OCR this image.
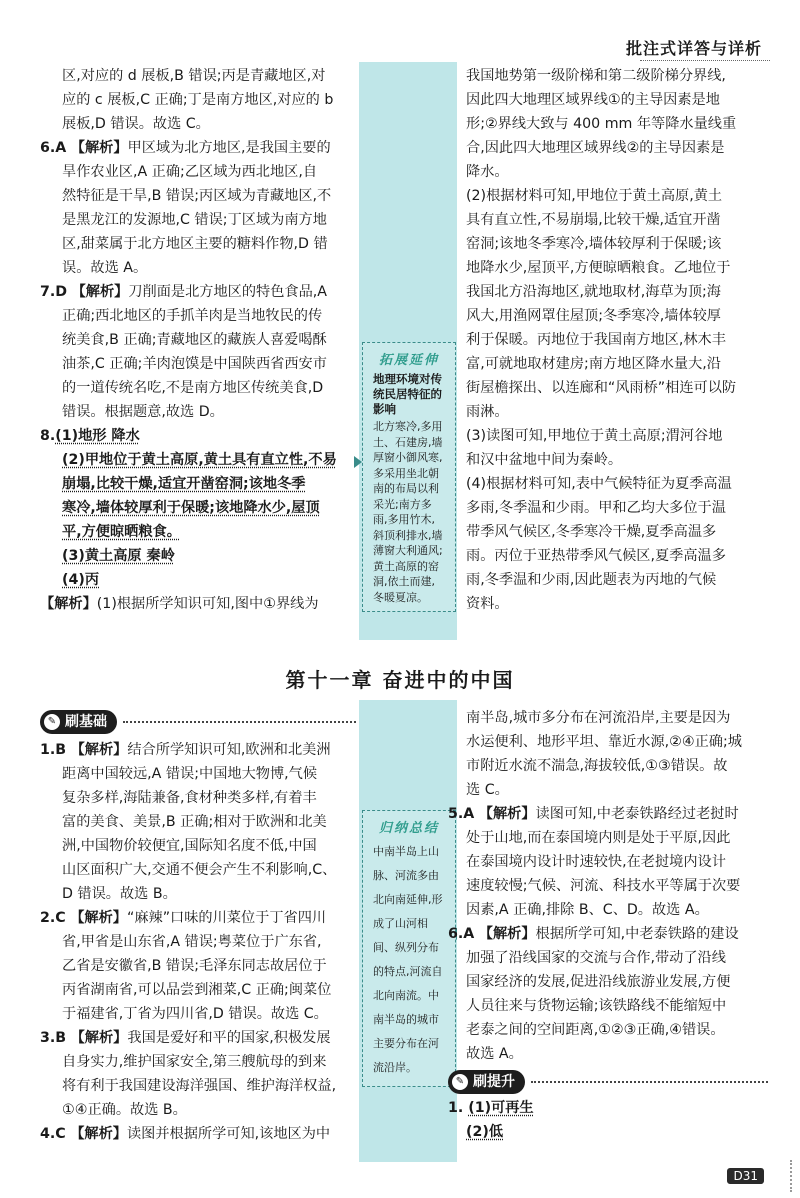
批注式详答与详析

区,对应的 d 展板,B 错误;丙是青藏地区,对

应的 c 展板,C 正确;丁是南方地区,对应的 b

展板,D 错误。故选 C。

6.A 【解析】甲区域为北方地区,是我国主要的

旱作农业区,A 正确;乙区域为西北地区,自

然特征是干旱,B 错误;丙区域为青藏地区,不

是黑龙江的发源地,C 错误;丁区域为南方地

区,甜菜属于北方地区主要的糖料作物,D 错

误。故选 A。

7.D 【解析】刀削面是北方地区的特色食品,A

正确;西北地区的手抓羊肉是当地牧民的传

统美食,B 正确;青藏地区的藏族人喜爱喝酥

油茶,C 正确;羊肉泡馍是中国陕西省西安市

的一道传统名吃,不是南方地区传统美食,D

错误。根据题意,故选 D。

8.(1)地形 降水

(2)甲地位于黄土高原,黄土具有直立性,不易

崩塌,比较干燥,适宜开凿窑洞;该地冬季

寒冷,墙体较厚利于保暖;该地降水少,屋顶

平,方便晾晒粮食。

(3)黄土高原 秦岭

(4)丙

【解析】(1)根据所学知识可知,图中①界线为

拓展延伸
地理环境对传统民居特征的影响
北方寒冷,多用土、石建房,墙厚窗小御风寒,多采用坐北朝南的布局以利采光;南方多雨,多用竹木,斜顶利排水,墙薄窗大利通风;黄土高原的窑洞,依土而建,冬暖夏凉。

我国地势第一级阶梯和第二级阶梯分界线,

因此四大地理区域界线①的主导因素是地

形;②界线大致与 400 mm 年等降水量线重

合,因此四大地理区域界线②的主导因素是

降水。

(2)根据材料可知,甲地位于黄土高原,黄土

具有直立性,不易崩塌,比较干燥,适宜开凿

窑洞;该地冬季寒冷,墙体较厚利于保暖;该

地降水少,屋顶平,方便晾晒粮食。乙地位于

我国北方沿海地区,就地取材,海草为顶;海

风大,用渔网罩住屋顶;冬季寒冷,墙体较厚

利于保暖。丙地位于我国南方地区,林木丰

富,可就地取材建房;南方地区降水量大,沿

街屋檐探出、以连廊和“风雨桥”相连可以防

雨淋。

(3)读图可知,甲地位于黄土高原;渭河谷地

和汉中盆地中间为秦岭。

(4)根据材料可知,表中气候特征为夏季高温

多雨,冬季温和少雨。甲和乙均大多位于温

带季风气候区,冬季寒冷干燥,夏季高温多

雨。丙位于亚热带季风气候区,夏季高温多

雨,冬季温和少雨,因此题表为丙地的气候

资料。

第十一章 奋进中的中国
✎ 刷基础

1.B 【解析】结合所学知识可知,欧洲和北美洲

距离中国较远,A 错误;中国地大物博,气候

复杂多样,海陆兼备,食材种类多样,有着丰

富的美食、美景,B 正确;相对于欧洲和北美

洲,中国物价较便宜,国际知名度不低,中国

山区面积广大,交通不便会产生不利影响,C、

D 错误。故选 B。

2.C 【解析】“麻辣”口味的川菜位于丁省四川

省,甲省是山东省,A 错误;粤菜位于广东省,

乙省是安徽省,B 错误;毛泽东同志故居位于

丙省湖南省,可以品尝到湘菜,C 正确;闽菜位

于福建省,丁省为四川省,D 错误。故选 C。

3.B 【解析】我国是爱好和平的国家,积极发展

自身实力,维护国家安全,第三艘航母的到来

将有利于我国建设海洋强国、维护海洋权益,

①④正确。故选 B。

4.C 【解析】读图并根据所学可知,该地区为中

归纳总结
中南半岛上山脉、河流多由北向南延伸,形成了山河相间、纵列分布的特点,河流自北向南流。中南半岛的城市主要分布在河流沿岸。

南半岛,城市多分布在河流沿岸,主要是因为

水运便利、地形平坦、靠近水源,②④正确;城

市附近水流不湍急,海拔较低,①③错误。故

选 C。

5.A 【解析】读图可知,中老泰铁路经过老挝时

处于山地,而在泰国境内则是处于平原,因此

在泰国境内设计时速较快,在老挝境内设计

速度较慢;气候、河流、科技水平等属于次要

因素,A 正确,排除 B、C、D。故选 A。

6.A 【解析】根据所学可知,中老泰铁路的建设

加强了沿线国家的交流与合作,带动了沿线

国家经济的发展,促进沿线旅游业发展,方便

人员往来与货物运输;该铁路线不能缩短中

老泰之间的空间距离,①②③正确,④错误。

故选 A。

✎ 刷提升

1. (1)可再生

(2)低

D31
